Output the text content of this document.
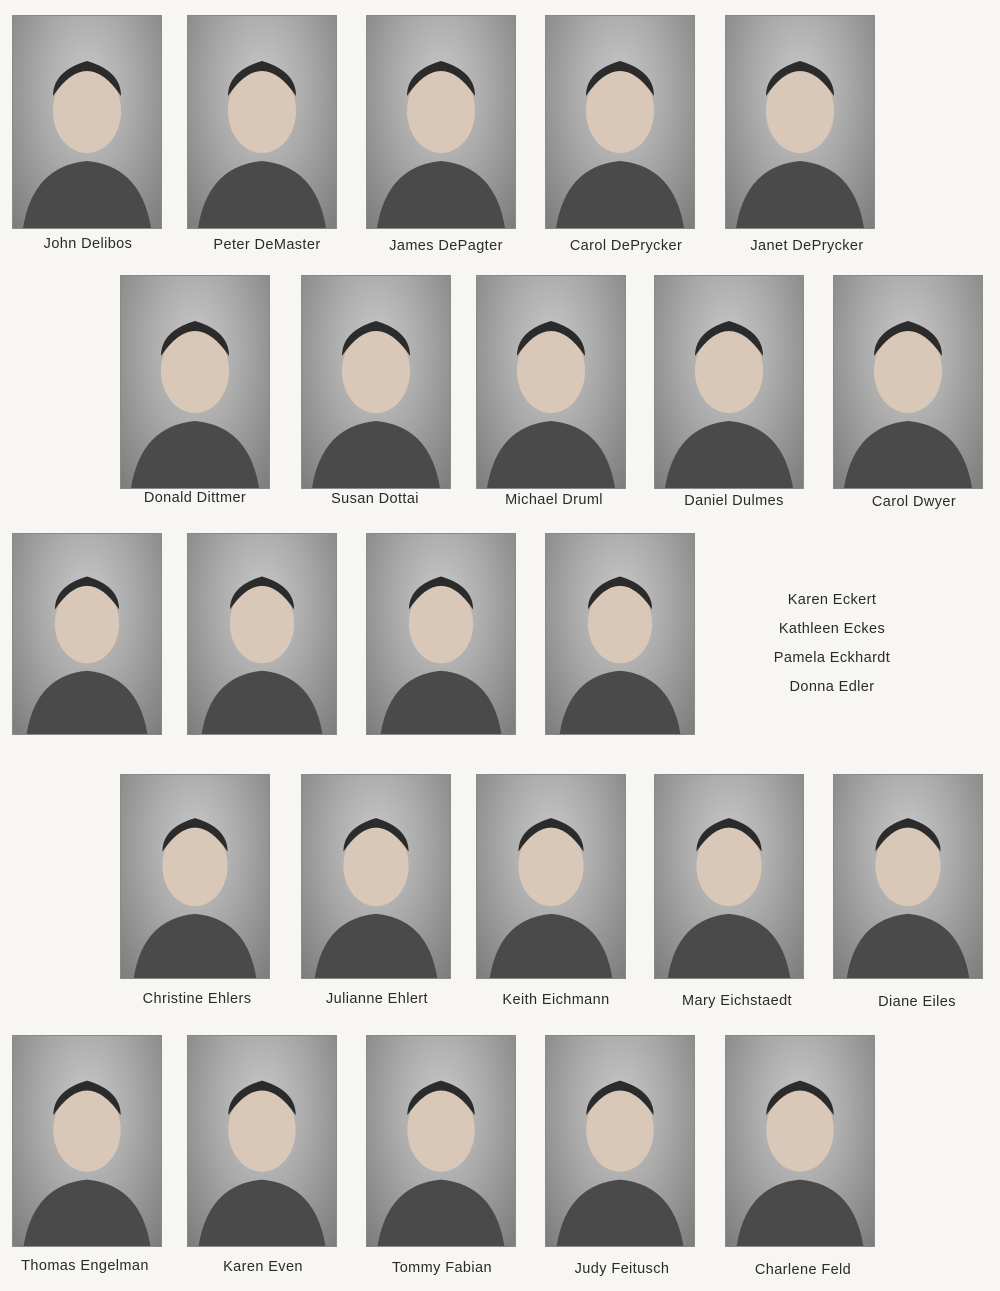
John Delibos	Peter DeMaster	James DePagter	Carol DePrycker	Janet DePrycker
Donald Dittmer	Susan Dottai	Michael Druml	Daniel Dulmes	Carol Dwyer
Karen Eckert
Kathleen Eckes
Pamela Eckhardt
Donna Edler
Christine Ehlers	Julianne Ehlert	Keith Eichmann	Mary Eichstaedt	Diane Eiles
Thomas Engelman	Karen Even	Tommy Fabian	Judy Feitusch	Charlene Feld
